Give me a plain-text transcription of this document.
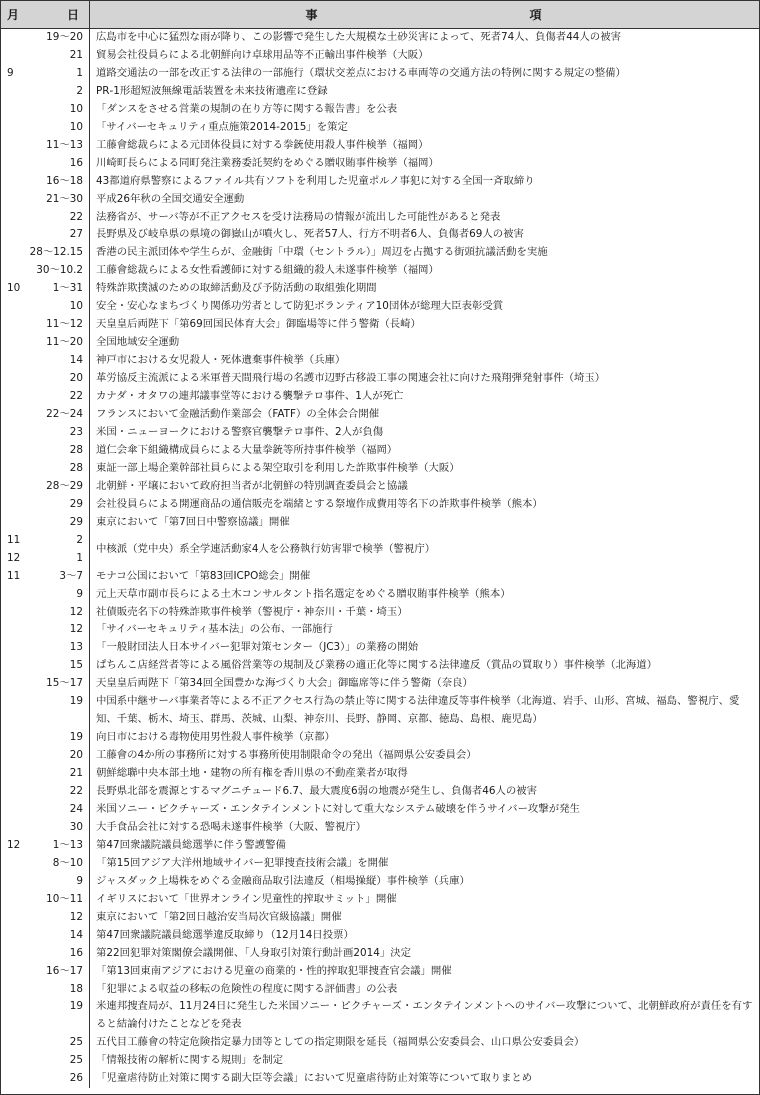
月 日	事 項

19～20	広島市を中心に猛烈な雨が降り、この影響で発生した大規模な土砂災害によって、死者74人、負傷者44人の被害

21	貿易会社役員らによる北朝鮮向け卓球用品等不正輸出事件検挙（大阪）

9 1	道路交通法の一部を改正する法律の一部施行（環状交差点における車両等の交通方法の特例に関する規定の整備）

2	PR‐1形超短波無線電話装置を未来技術遺産に登録

10	「ダンスをさせる営業の規制の在り方等に関する報告書」を公表

10	「サイバーセキュリティ重点施策2014‐2015」を策定

11～13	工藤會総裁らによる元団体役員に対する拳銃使用殺人事件検挙（福岡）

16	川崎町長らによる同町発注業務委託契約をめぐる贈収賄事件検挙（福岡）

16～18	43都道府県警察によるファイル共有ソフトを利用した児童ポルノ事犯に対する全国一斉取締り

21～30	平成26年秋の全国交通安全運動

22	法務省が、サーバ等が不正アクセスを受け法務局の情報が流出した可能性があると発表

27	長野県及び岐阜県の県境の御嶽山が噴火し、死者57人、行方不明者6人、負傷者69人の被害

28～12.15	香港の民主派団体や学生らが、金融街「中環（セントラル）」周辺を占拠する街頭抗議活動を実施

30～10.2	工藤會総裁らによる女性看護師に対する組織的殺人未遂事件検挙（福岡）

10 1～31	特殊詐欺撲滅のための取締活動及び予防活動の取組強化期間

10	安全・安心なまちづくり関係功労者として防犯ボランティア10団体が総理大臣表彰受賞

11～12	天皇皇后両陛下「第69回国民体育大会」御臨場等に伴う警衛（長崎）

11～20	全国地域安全運動

14	神戸市における女児殺人・死体遺棄事件検挙（兵庫）

20	革労協反主流派による米軍普天間飛行場の名護市辺野古移設工事の関連会社に向けた飛翔弾発射事件（埼玉）

22	カナダ・オタワの連邦議事堂等における襲撃テロ事件、1人が死亡

22～24	フランスにおいて金融活動作業部会（FATF）の全体会合開催

23	米国・ニューヨークにおける警察官襲撃テロ事件、2人が負傷

28	道仁会傘下組織構成員らによる大量拳銃等所持事件検挙（福岡）

28	東証一部上場企業幹部社員らによる架空取引を利用した詐欺事件検挙（大阪）

28～29	北朝鮮・平壌において政府担当者が北朝鮮の特別調査委員会と協議

29	会社役員らによる開運商品の通信販売を端緒とする祭壇作成費用等名下の詐欺事件検挙（熊本）

29	東京において「第7回日中警察協議」開催

11 2	中核派（党中央）系全学連活動家4人を公務執行妨害罪で検挙（警視庁）

12 1	

11 3～7	モナコ公国において「第83回ICPO総会」開催

9	元上天草市副市長らによる土木コンサルタント指名選定をめぐる贈収賄事件検挙（熊本）

12	社債販売名下の特殊詐欺事件検挙（警視庁・神奈川・千葉・埼玉）

12	「サイバーセキュリティ基本法」の公布、一部施行

13	「一般財団法人日本サイバー犯罪対策センター（JC3）」の業務の開始

15	ぱちんこ店経営者等による風俗営業等の規制及び業務の適正化等に関する法律違反（賞品の買取り）事件検挙（北海道）

15～17	天皇皇后両陛下「第34回全国豊かな海づくり大会」御臨席等に伴う警衛（奈良）

19	中国系中継サーバ事業者等による不正アクセス行為の禁止等に関する法律違反等事件検挙（北海道、岩手、山形、宮城、福島、警視庁、愛知、千葉、栃木、埼玉、群馬、茨城、山梨、神奈川、長野、静岡、京都、徳島、島根、鹿児島）

19	向日市における毒物使用男性殺人事件検挙（京都）

20	工藤會の4か所の事務所に対する事務所使用制限命令の発出（福岡県公安委員会）

21	朝鮮総聯中央本部土地・建物の所有権を香川県の不動産業者が取得

22	長野県北部を震源とするマグニチュード6.7、最大震度6弱の地震が発生し、負傷者46人の被害

24	米国ソニー・ピクチャーズ・エンタテインメントに対して重大なシステム破壊を伴うサイバー攻撃が発生

30	大手食品会社に対する恐喝未遂事件検挙（大阪、警視庁）

12 1～13	第47回衆議院議員総選挙に伴う警護警備

8～10	「第15回アジア大洋州地域サイバー犯罪捜査技術会議」を開催

9	ジャスダック上場株をめぐる金融商品取引法違反（相場操縦）事件検挙（兵庫）

10～11	イギリスにおいて「世界オンライン児童性的搾取サミット」開催

12	東京において「第2回日越治安当局次官級協議」開催

14	第47回衆議院議員総選挙違反取締り（12月14日投票）

16	第22回犯罪対策閣僚会議開催、「人身取引対策行動計画2014」決定

16～17	「第13回東南アジアにおける児童の商業的・性的搾取犯罪捜査官会議」開催

18	「犯罪による収益の移転の危険性の程度に関する評価書」の公表

19	米連邦捜査局が、11月24日に発生した米国ソニー・ピクチャーズ・エンタテインメントへのサイバー攻撃について、北朝鮮政府が責任を有すると結論付けたことなどを発表

25	五代目工藤會の特定危険指定暴力団等としての指定期限を延長（福岡県公安委員会、山口県公安委員会）

25	「情報技術の解析に関する規則」を制定

26	「児童虐待防止対策に関する副大臣等会議」において児童虐待防止対策等について取りまとめ
